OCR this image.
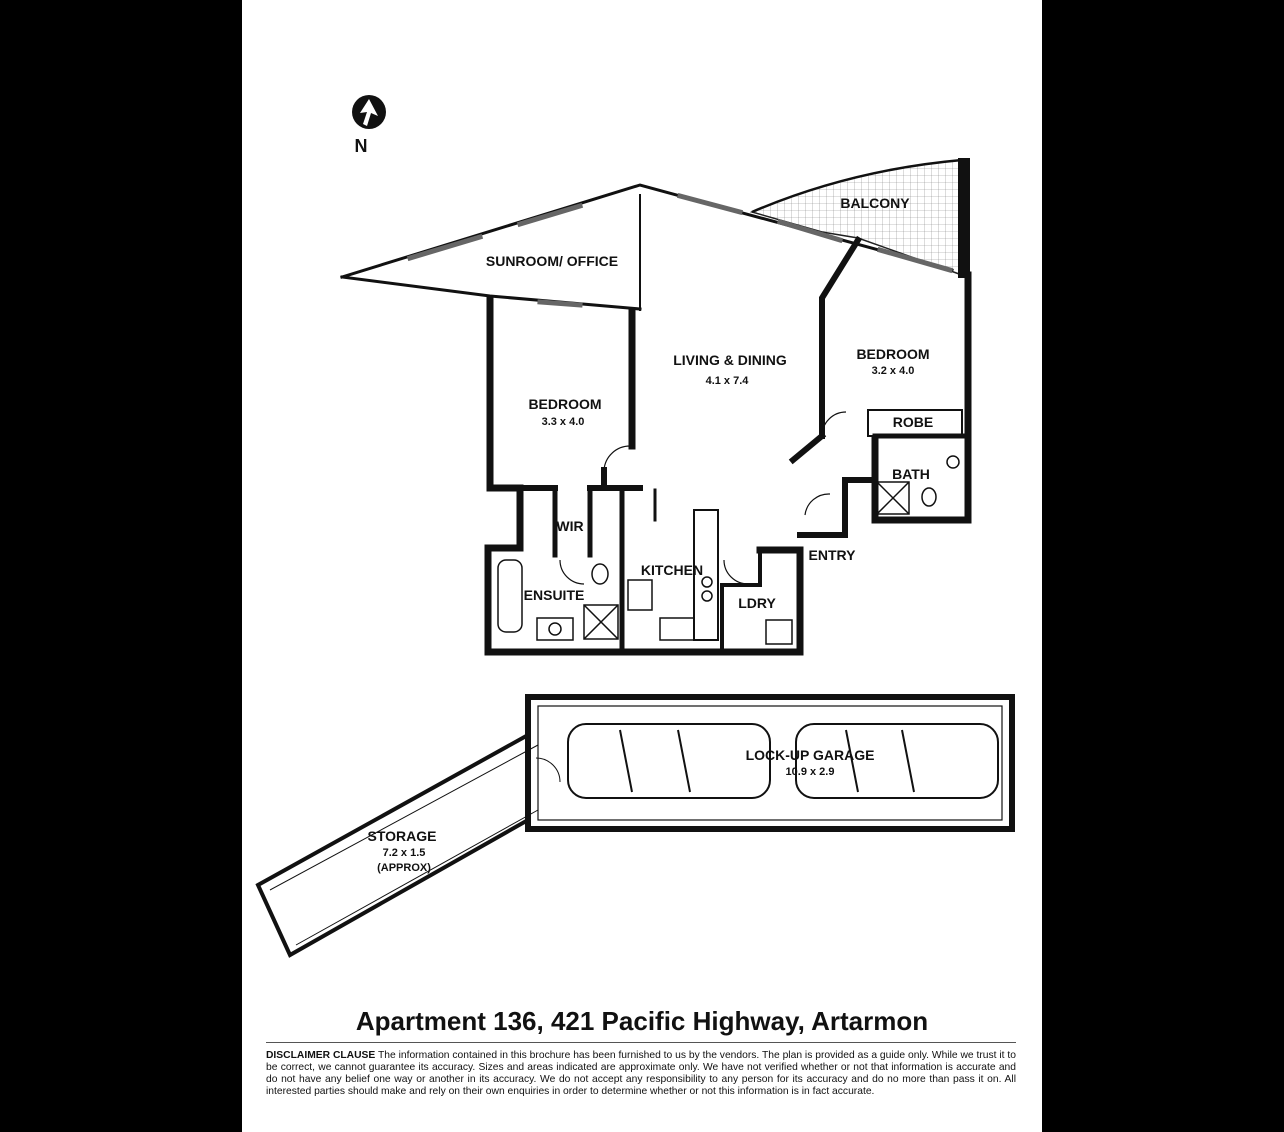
N
BALCONY
SUNROOM/ OFFICE
LIVING & DINING
4.1 x 7.4
BEDROOM
3.2 x 4.0
BEDROOM
3.3 x 4.0	ROBE
BATH
WIR
ENTRY
KITCHEN
ENSUITE	LDRY
LOCK-UP GARAGE
10.9 x 2.9
STORAGE
7.2 x 1.5
(APPROX)
Apartment 136, 421 Pacific Highway, Artarmon
DISCLAIMER CLAUSE The information contained in this brochure has been furnished to us by the vendors. The plan is provided as a guide only. While we trust it to be correct, we cannot guarantee its accuracy. Sizes and areas indicated are approximate only. We have not verified whether or not that information is accurate and do not have any belief one way or another in its accuracy. We do not accept any responsibility to any person for its accuracy and do no more than pass it on. All interested parties should make and rely on their own enquiries in order to determine whether or not this information is in fact accurate.
